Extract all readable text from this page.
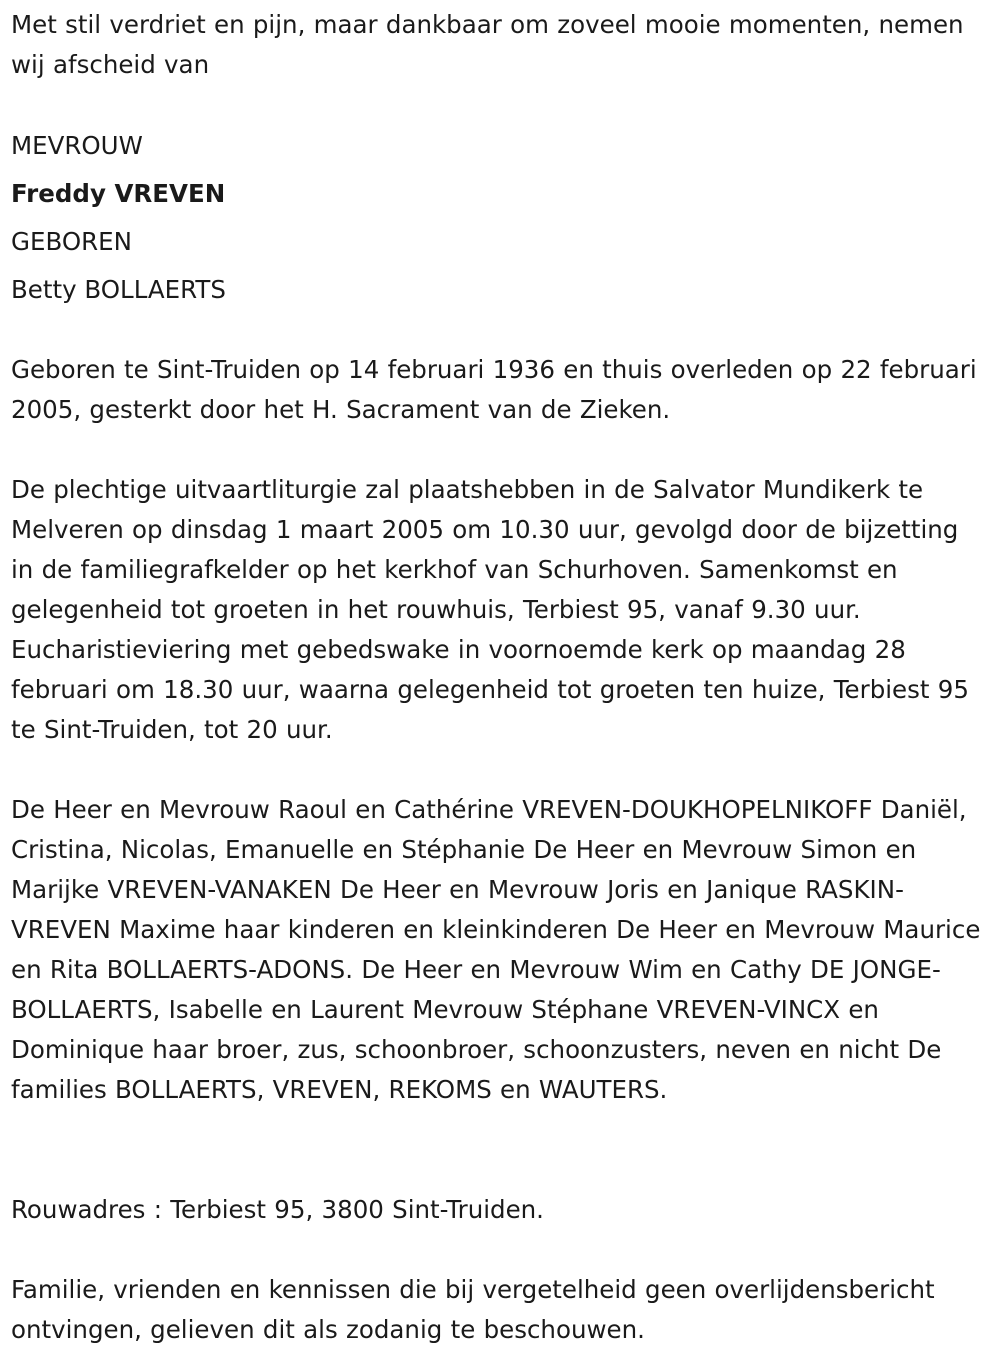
Met stil verdriet en pijn, maar dankbaar om zoveel mooie momenten, nemen wij afscheid van

MEVROUW

Freddy VREVEN

GEBOREN

Betty BOLLAERTS

Geboren te Sint-Truiden op 14 februari 1936 en thuis overleden op 22 februari 2005, gesterkt door het H. Sacrament van de Zieken.

De plechtige uitvaartliturgie zal plaatshebben in de Salvator Mundikerk te Melveren op dinsdag 1 maart 2005 om 10.30 uur, gevolgd door de bijzetting in de familiegrafkelder op het kerkhof van Schurhoven. Samenkomst en gelegenheid tot groeten in het rouwhuis, Terbiest 95, vanaf 9.30 uur. Eucharistieviering met gebedswake in voornoemde kerk op maandag 28 februari om 18.30 uur, waarna gelegenheid tot groeten ten huize, Terbiest 95 te Sint-Truiden, tot 20 uur.

De Heer en Mevrouw Raoul en Cathérine VREVEN-DOUKHOPELNIKOFF Daniël, Cristina, Nicolas, Emanuelle en Stéphanie De Heer en Mevrouw Simon en Marijke VREVEN-VANAKEN De Heer en Mevrouw Joris en Janique RASKIN-VREVEN Maxime haar kinderen en kleinkinderen De Heer en Mevrouw Maurice en Rita BOLLAERTS-ADONS. De Heer en Mevrouw Wim en Cathy DE JONGE-BOLLAERTS, Isabelle en Laurent Mevrouw Stéphane VREVEN-VINCX en Dominique haar broer, zus, schoonbroer, schoonzusters, neven en nicht De families BOLLAERTS, VREVEN, REKOMS en WAUTERS.

Rouwadres : Terbiest 95, 3800 Sint-Truiden.

Familie, vrienden en kennissen die bij vergetelheid geen overlijdensbericht ontvingen, gelieven dit als zodanig te beschouwen.
